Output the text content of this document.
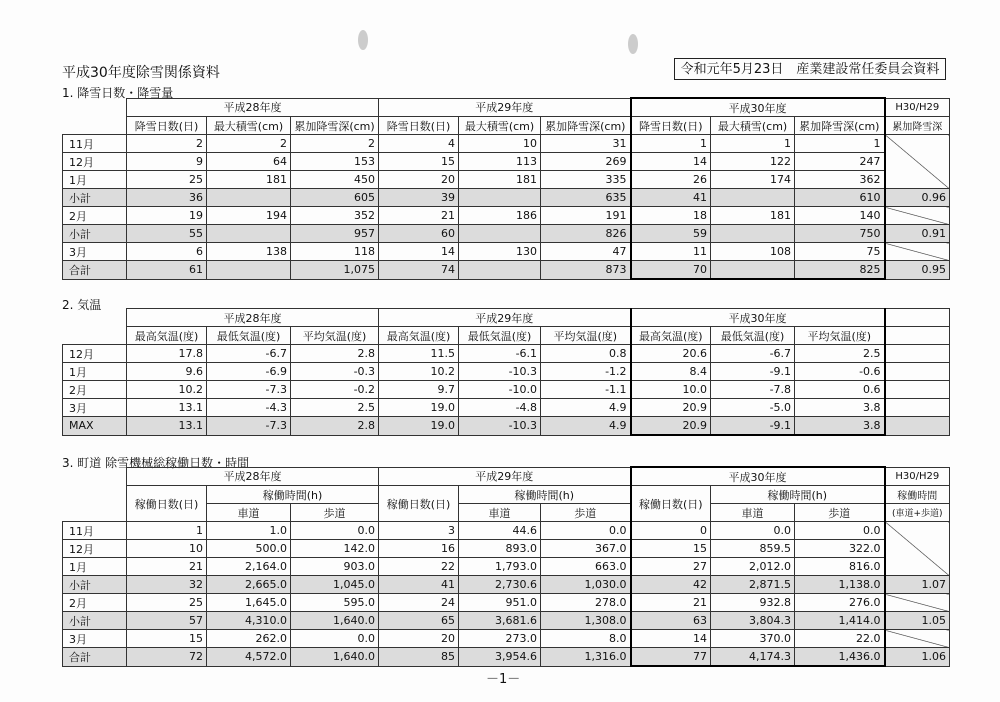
平成30年度除雪関係資料	令和元年5月23日　産業建設常任委員会資料
1. 降雪日数・降雪量
	平成28年度			平成29年度			平成30年度			H30/H29
	降雪日数(日)	最大積雪(cm)	累加降雪深(cm)	降雪日数(日)	最大積雪(cm)	累加降雪深(cm)	降雪日数(日)	最大積雪(cm)	累加降雪深(cm)	累加降雪深
11月	2	2	2	4	10	31	1	1	1	
12月	9	64	153	15	113	269	14	122	247	
1月	25	181	450	20	181	335	26	174	362	
小計	36		605	39		635	41		610	0.96
2月	19	194	352	21	186	191	18	181	140	
小計	55		957	60		826	59		750	0.91
3月	6	138	118	14	130	47	11	108	75	
合計	61		1,075	74		873	70		825	0.95
2. 気温
	平成28年度			平成29年度			平成30年度			
	最高気温(度)	最低気温(度)	平均気温(度)	最高気温(度)	最低気温(度)	平均気温(度)	最高気温(度)	最低気温(度)	平均気温(度)	
12月	17.8	-6.7	2.8	11.5	-6.1	0.8	20.6	-6.7	2.5	
1月	9.6	-6.9	-0.3	10.2	-10.3	-1.2	8.4	-9.1	-0.6	
2月	10.2	-7.3	-0.2	9.7	-10.0	-1.1	10.0	-7.8	0.6	
3月	13.1	-4.3	2.5	19.0	-4.8	4.9	20.9	-5.0	3.8	
MAX	13.1	-7.3	2.8	19.0	-10.3	4.9	20.9	-9.1	3.8	
3. 町道 除雪機械総稼働日数・時間
	平成28年度			平成29年度			平成30年度			H30/H29
	稼働日数(日)	稼働時間(h)		稼働日数(日)	稼働時間(h)		稼働日数(日)	稼働時間(h)		稼働時間
		車道	歩道		車道	歩道		車道	歩道	(車道+歩道)
11月	1	1.0	0.0	3	44.6	0.0	0	0.0	0.0	
12月	10	500.0	142.0	16	893.0	367.0	15	859.5	322.0	
1月	21	2,164.0	903.0	22	1,793.0	663.0	27	2,012.0	816.0	
小計	32	2,665.0	1,045.0	41	2,730.6	1,030.0	42	2,871.5	1,138.0	1.07
2月	25	1,645.0	595.0	24	951.0	278.0	21	932.8	276.0	
小計	57	4,310.0	1,640.0	65	3,681.6	1,308.0	63	3,804.3	1,414.0	1.05
3月	15	262.0	0.0	20	273.0	8.0	14	370.0	22.0	
合計	72	4,572.0	1,640.0	85	3,954.6	1,316.0	77	4,174.3	1,436.0	1.06
－1－
